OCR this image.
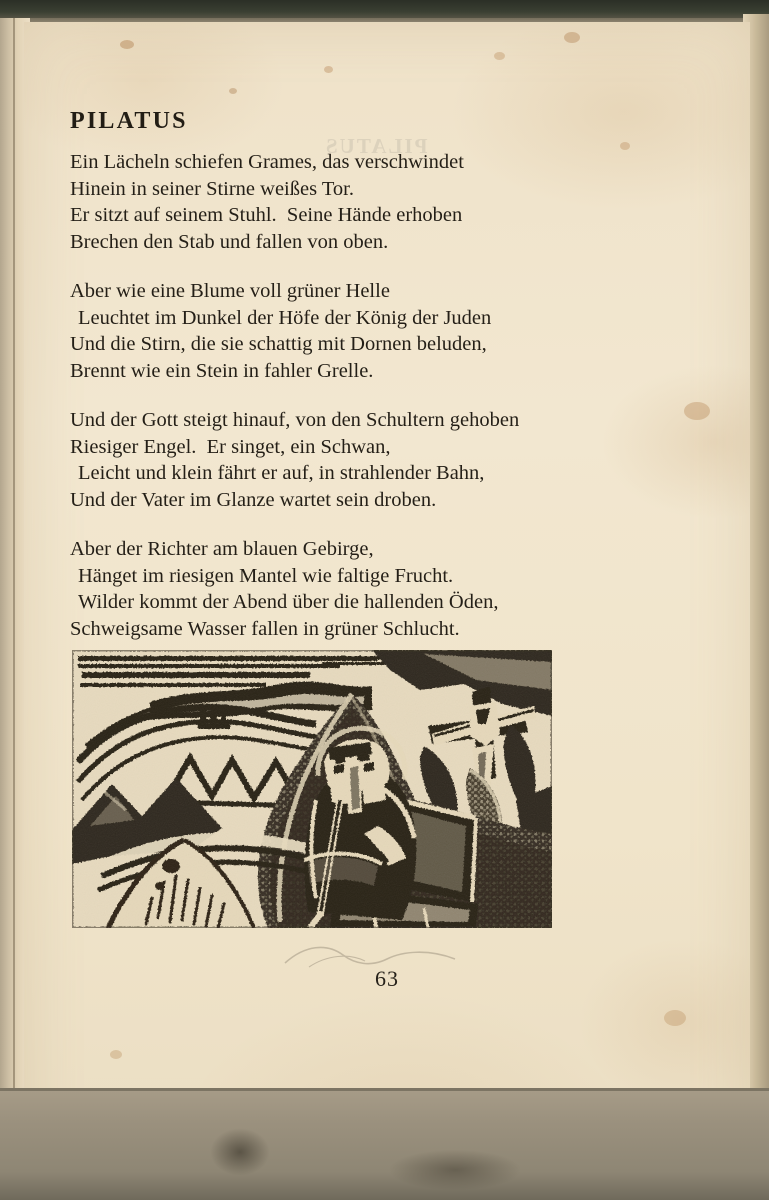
PILATUS
PILATUS
Ein Lächeln schiefen Grames, das verschwindet
Hinein in seiner Stirne weißes Tor.
Er sitzt auf seinem Stuhl.  Seine Hände erhoben
Brechen den Stab und fallen von oben.
Aber wie eine Blume voll grüner Helle
Leuchtet im Dunkel der Höfe der König der Juden
Und die Stirn, die sie schattig mit Dornen beluden,
Brennt wie ein Stein in fahler Grelle.
Und der Gott steigt hinauf, von den Schultern gehoben
Riesiger Engel.  Er singet, ein Schwan,
Leicht und klein fährt er auf, in strahlender Bahn,
Und der Vater im Glanze wartet sein droben.
Aber der Richter am blauen Gebirge,
Hänget im riesigen Mantel wie faltige Frucht.
Wilder kommt der Abend über die hallenden Öden,
Schweigsame Wasser fallen in grüner Schlucht.
63
